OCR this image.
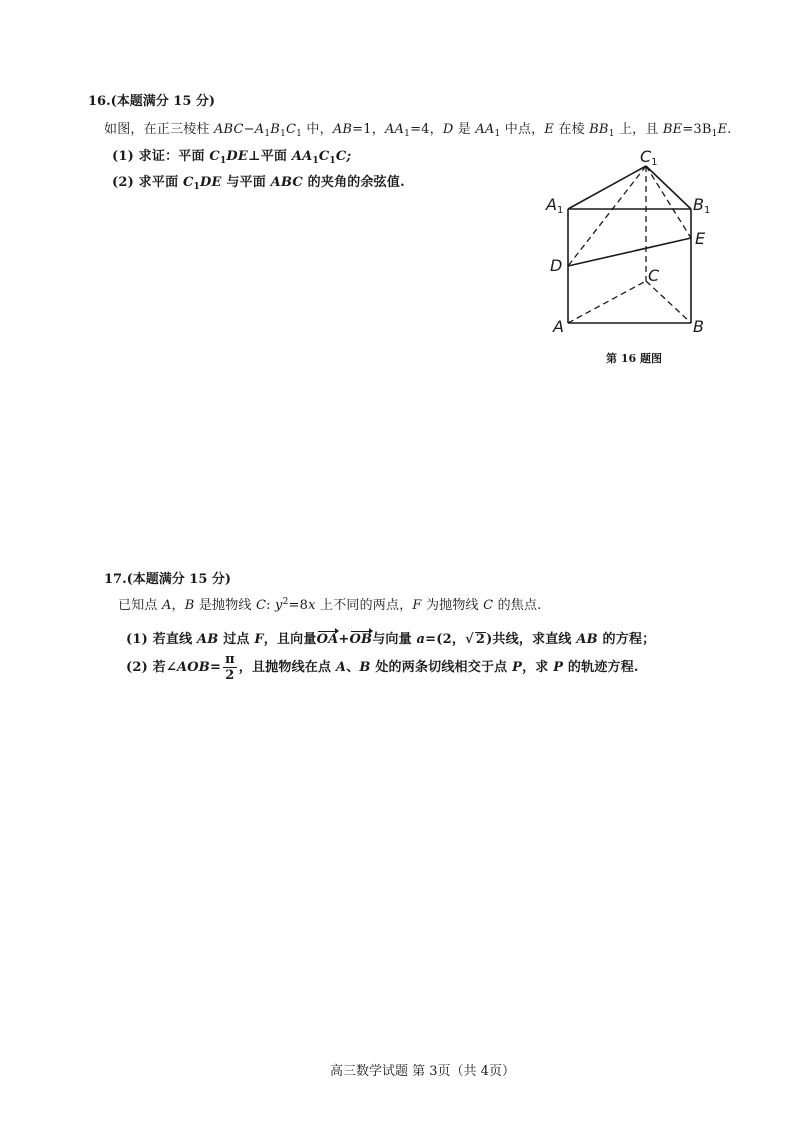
16.(本题满分 15 分)
如图，在正三棱柱 $ABC-A_1B_1C_1$ 中，AB=1，$AA_1=4$，D 是 $AA_1$ 中点，E 在棱 $BB_1$ 上，且 $BE=3B_1E$.
(1) 求证：平面 $C_1DE\perp$平面 $AA_1C_1C$;
(2) 求平面 $C_1DE$ 与平面 ABC 的夹角的余弦值.
$C_1$
$A_1$	$B_1$
E
D
C
A	B
第 16 题图
17.(本题满分 15 分)
已知点 A，B 是抛物线 C: $y^2=8x$ 上不同的两点，F 为抛物线 C 的焦点.
(1) 若直线 AB 过点 F，且向量OA+OB与向量 a=(2，√ 2)共线，求直线 AB 的方程；
(2) 若∠AOB= $\frac{\pi}{2}$ ，且抛物线在点 A、B 处的两条切线相交于点 P，求 P 的轨迹方程.
高三数学试题 第 3页（共 4页）
